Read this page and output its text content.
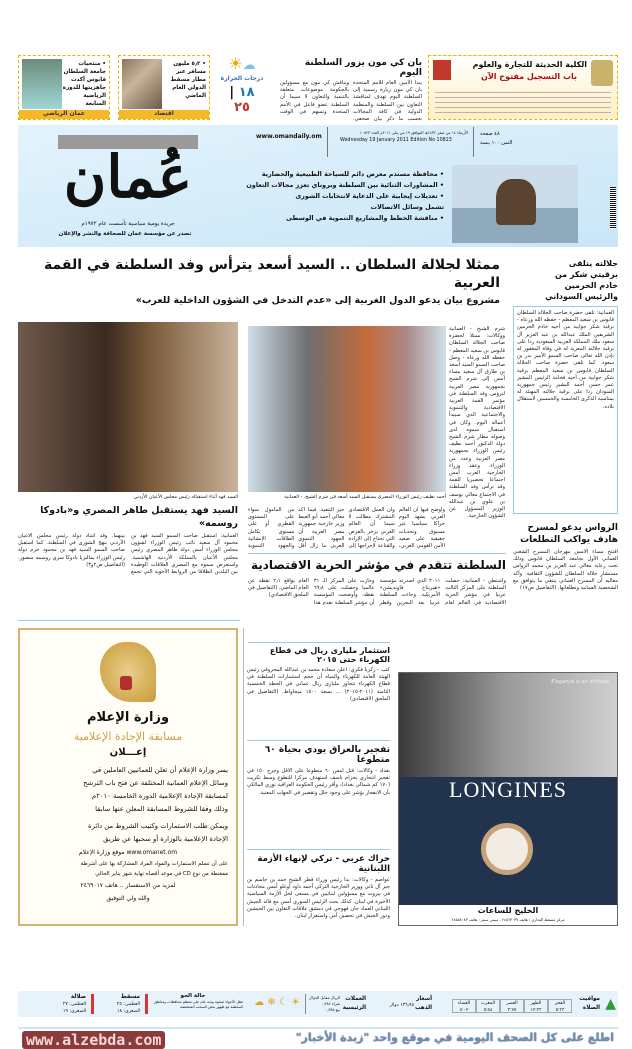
الكلية الحديثة للتجارة والعلوم
باب التسجيل مفتوح الآن
بان كي مون يزور السلطنة اليوم
يبدأ الأمين العام للأمم المتحدة بان كي مون زيارة رسمية إلى السلطنة اليوم تهدف لمناقشة التعاون بين السلطنة والمنظمة الدولية في كافة المجالات بحسب ما ذكر بيان صحفي. ويناقش كي مون مع مسؤولين بالحكومة موضوعات متعلقة بالتنمية والتعاون لا سيما أن السلطنة عضو فاعل في الأمم المتحدة وتسهم في الوقت
☀☁
درجات الحرارة
١٨ | ٢٥
• ٥٫٢ مليون مسافر عبر مطار مسقط الدولي العام الماضي
اقتصاد
• منتخبات جامعة السلطان قابوس أكدت جاهزيتها للدورة الرياضية السابعة
عمان الرياضي
عُمان
جريدة يومية سياسية تأسست عام ١٩٧٢م
تصدر عن مؤسسة عمان للصحافة والنشر والإعلان
www.omandaily.om
الأربعاء ١٤ من صفر ١٤٣٢هـ الموافق ١٩ من يناير ٢٠١١م العدد ١٠٨٢٣
Wednesday 19 January 2011 Edition No 10823
٤٨ صفحة
الثمن ١٠٠ بيسة
• محافظة مسندم معرض دائم للسياحة الطبيعية والحضارية
• المشاورات الثنائية بين السلطنة وبروناي تعزز مجالات التعاون
• تعديلات إيجابية على الدعاية لانتخابات الشورى
تشمل وسائل الاتصالات
• مناقشة الخطط والمشاريع التنموية في الوسطى
ممثلا لجلالة السلطان .. السيد أسعد يترأس وفد السلطنة في القمة العربية
مشروع بيان يدعو الدول الغربية إلى «عدم التدخل في الشؤون الداخلية للعرب»
جلالته يتلقى برقيتي شكر من خادم الحرمين والرئيس السوداني
العمانية: تلقى حضرة صاحب الجلالة السلطان قابوس بن سعيد المعظم - حفظه الله ورعاه - برقية شكر جوابية من أخيه خادم الحرمين الشريفين الملك عبدالله بن عبد العزيز آل سعود ملك المملكة العربية السعودية ردا على برقية جلالته المعزية له في وفاة المغفور له بإذن الله تعالى صاحب السمو الأمير بدر بن سعود. كما تلقى حضرة صاحب الجلالة السلطان قابوس بن سعيد المعظم برقية شكر جوابية من أخيه فخامة الرئيس المشير عمر حسن أحمد البشير رئيس جمهورية السودان ردا على برقية جلالته المهنئة له بمناسبة الذكرى الخامسة والخمسين لاستقلال بلاده.
الرواس يدعو لمسرح هادف يواكب التطلعات
افتتح مساء الأمس مهرجان المسرح الشعبي العماني الأول بجامعة السلطان قابوس وذلك تحت رعاية معالي عبد العزيز بن محمد الرواس مستشار جلالة السلطان للشؤون الثقافية. وأكد معاليه أن المسرح العماني ينتقي ما يتوافق مع الشخصية العمانية وتطلعاتها. (التفاصيل ص١٧)
السيد فهد أثناء استقباله رئيس مجلس الأعيان الأردني	أحمد نظيف رئيس الوزراء المصري يستقبل السيد أسعد في شرم الشيخ. - العمانية
شرم الشيخ - العمانية ووكالات: ممثلا لحضرة صاحب الجلالة السلطان قابوس بن سعيد المعظم - حفظه الله ورعاه - وصل صاحب السمو السيد أسعد بن طارق آل سعيد مساء أمس إلى شرم الشيخ بجمهورية مصر العربية لترؤس وفد السلطنة في مؤتمر القمة العربية الاقتصادية والتنموية والاجتماعية الذي سيبدأ أعماله اليوم. وكان في استقبال سموه لدى وصوله مطار شرم الشيخ دولة الدكتور أحمد نظيف رئيس الوزراء بجمهورية مصر العربية وعدد من الوزراء. وعقد وزراء الخارجية العرب أمس اجتماعا تحضيريا للقمة وقد ترأس وفد السلطنة في الاجتماع معالي يوسف بن علوي بن عبدالله الوزير المسؤول عن الشؤون الخارجية.
وأوضح فيها أن العالم العربي يشهد اليوم حراكا سياسيا غير مسبوق وتحديات حقيقية على صعيد الأمن القومي العربي، وأن العمل الاقتصادي المشترك مطالب لا سيما أن العالم العربي يزخر بالفرص التي تحتاج إلى الإرادة والقناعة لإخراجها إلى حيز التنفيذ. فيما أكد معالي أحمد أبو الغيط وزير خارجية جمهورية مصر العربية أن الجهود التنموي العربي ما زال أقل من المأمول سواء على المستوى القطري أو على مستوى تكامل الطاقات الإنشائية والجهود التنموية
السيد فهد يستقبل طاهر المصري و«بادوكا روسمه»
العمانية: استقبل صاحب السمو السيد فهد بن محمود آل سعيد نائب رئيس الوزراء لشؤون مجلس الوزراء أمس دولة طاهر المصري رئيس مجلس الأعيان بالمملكة الأردنية الهاشمية. واستعرض سموه مع المصري العلاقات الوطيدة بين البلدين انطلاقا من الروابط الأخوية التي تجمع بينهما. وقد أشاد دولة رئيس مجلس الأعيان الأردني بنهج الشورى في السلطنة. كما استقبل صاحب السمو السيد فهد بن محمود حرم دولة رئيس الوزراء بماليزيا بادوكا سري روسمه منصور. (التفاصيل ص٢و٣)	السلطنة تتقدم في مؤشر الحرية الاقتصادية
واشنطن - العمانية: حصلت السلطنة على المركز الثالث عربيا في مؤشر الحرية الاقتصادية في العالم لعام ٢٠١١ الذي أصدرته مؤسسة «هيريتاج فاونديشن» الأمريكية. وجاءت السلطنة عربيا بعد البحرين وقطر وحازت على المركز الـ ٣١ عالميا وحصلت على ٦٩٫٨ نقطة. وأوضحت المؤسسة أن مؤشر السلطنة تقدم هذا العام بواقع ٢٫١ نقطة عن العام الماضي. (التفاصيل في الملحق الاقتصادي)
وزارة الإعلام
مسابقة الإجادة الإعلامية
إعـــلان
يسر وزارة الإعلام أن تعلن للعمانيين العاملين في
وسائل الإعلام العمانية المختلفة عن فتح باب الترشح
لمسابقة الإجادة الإعلامية الدورة الخامسة ٢٠١٠م
وذلك وفقا للشروط المسابقة المعلن عنها سابقا
ويمكن طلب الاستمارات وكتيب الشروط من دائرة
الإجادة الإعلامية بالوزارة أو سحبها عن طريق
www.omanet.om موقع وزارة الإعلام
على أن تسلم الاستمارات والمواد المراد المشاركة بها على أشرطة
ممغنطة من نوع CD في موعد أقصاه نهاية شهر يناير الحالي
لمزيد من الاستفسار .. هاتف ٢٤٦٩٠١٧
والله ولي التوفيق
استثمار مليارى ريال في قطاع الكهرباء حتى ٢٠١٥
كتب - زكريا فكري: أعلن سعادة محمد بن عبدالله المحروقي رئيس الهيئة العامة للكهرباء والمياه أن حجم استثمارات السلطنة في قطاع الكهرباء تتجاوز مليارى ريال عماني في الخطة الخمسية الثامنة (٢٠١١-٢٠١٥) ... بسعة ١٥٠٠ ميجاواط. (التفاصيل في الملحق الاقتصادي)
تفجير بالعراق يودي بحياة ٦٠ متطوعا
بغداد - وكالات: قتل أمس ٦٠ متطوعا على الأقل وجرح ١٥٠ في تفجير انتحاري بحزام ناسف استهدف مركزا للتطوع وسط تكريت (١٧٠ كم شمالي بغداد)، وأقر رئيس الحكومة العراقية نوري المالكي بأن الانفجار يؤشر على وجود خلل وتقصير في الجهات المعنية.
حراك عربي - تركي لإنهاء الأزمة اللبنانية
عواصم - وكالات: بدأ رئيس وزراء قطر الشيخ حمد بن جاسم بن جبر آل ثاني ووزير الخارجية التركي أحمد داود أوغلو أمس محادثات في بيروت مع مسؤولين لبنانيين في مسعى لحل الأزمة السياسية الأخيرة في لبنان. كذلك بحث الرئيس السوري أمس مع قائد الجيش اللبناني العماد جان قهوجي في دمشق علاقات التعاون بين الجيشين ودور الجيش في تحصين أمن واستقرار لبنان.
Elegance is an attitude
LONGINES
الخليج للساعات
مركز مسقط التجاري : هاتف ٢٤٥٦٣٠٣٧ - سيتي سنتر : هاتف ٢٤٥٥٨٠٨٣
▲
مواقيت الصلاة
الفجر
٥:٣٣الظهر
١٢:٣٣العصر
٣:٢٥المغرب
٥:٥٨العشاء
٧:٠٢
أسعار الذهب
١٣٦٫٩٥ دولار
العملات الرئيسية
الريال مقابل الدولار
شراء ٠٫٣٨٤
بيع ٠٫٣٨٥
☀ ☾ ❄ ☁
حالة الجو
تظل الأجواء صحوة بوجه عام على معظم محافظات ومناطق السلطنة مع ظهور بعض السحب المنخفضة
مسقط
العظمى: ٢٥
الصغرى: ١٨
صلالة
العظمى: ٢٧
الصغرى: ١٩
www.alzebda.com	اطلع على كل الصحف اليومية في موقع واحد "زبدة الأخبار"
